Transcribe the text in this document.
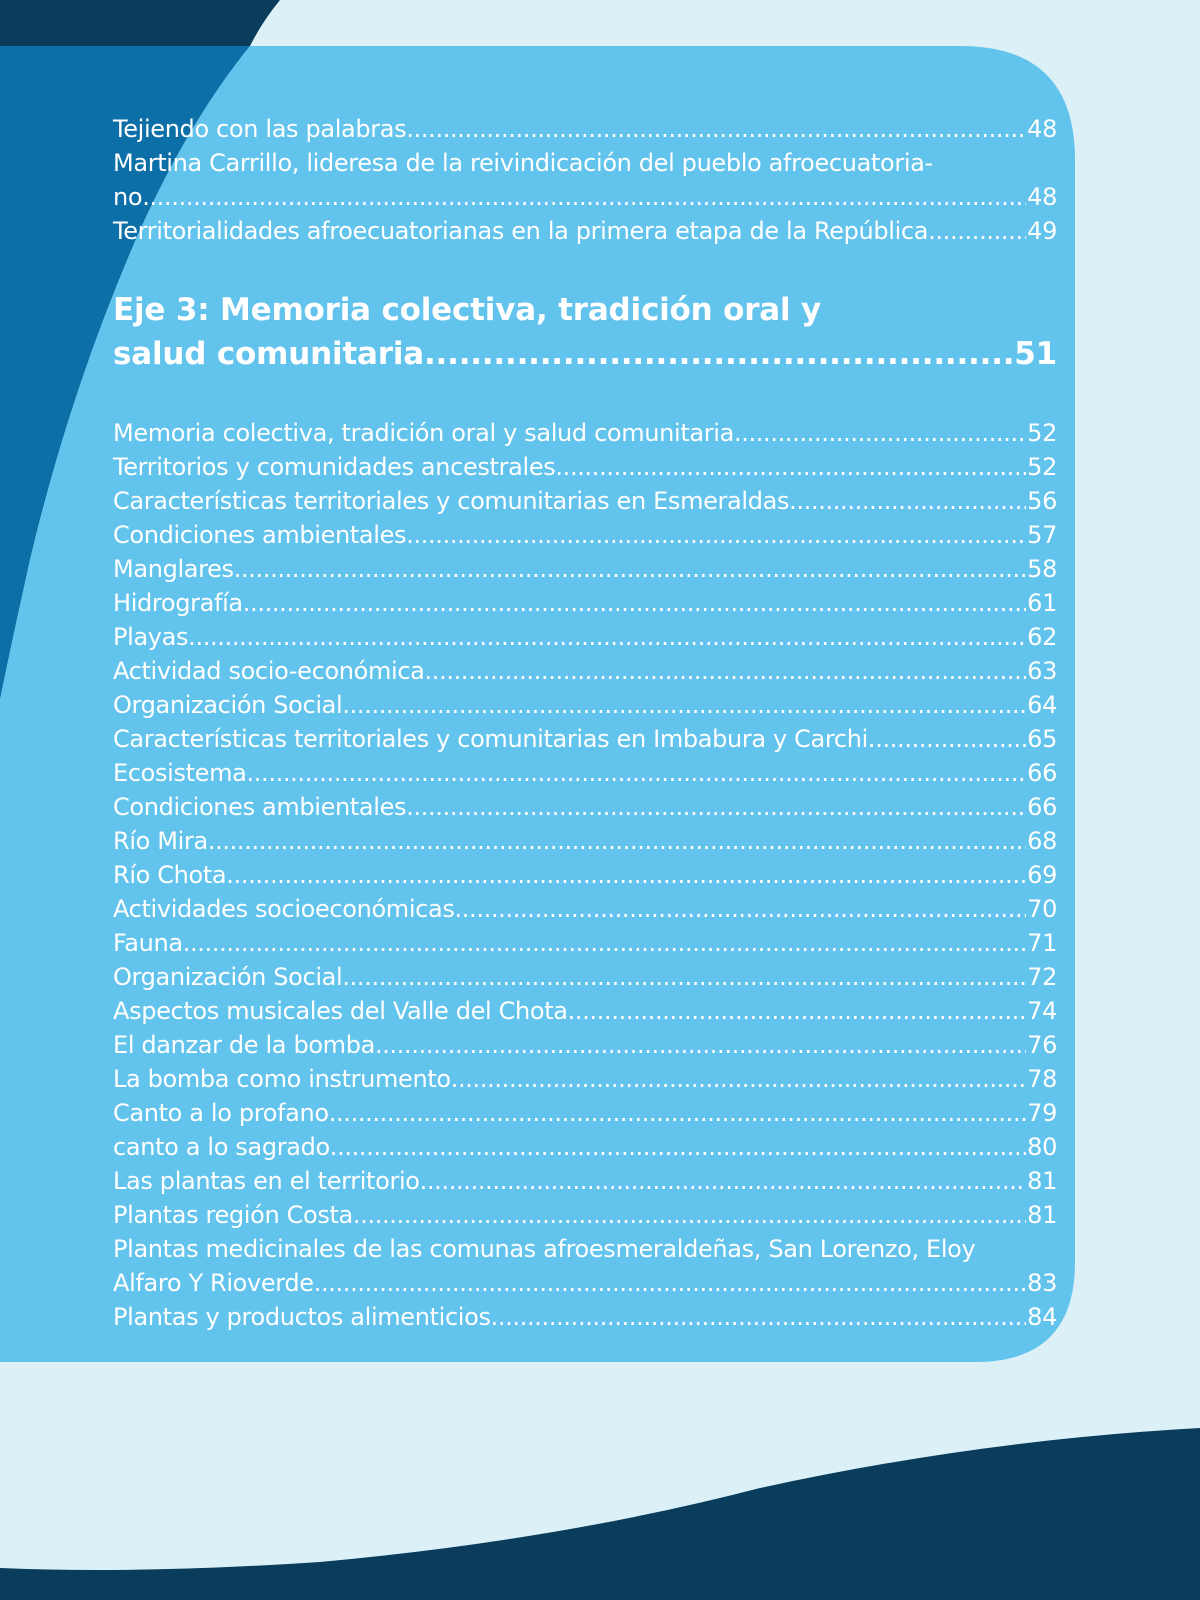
Tejiendo con las palabras .....	48
Martina Carrillo, lideresa de la reivindicación del pueblo afroecuatoria-
no .....	48
Territorialidades afroecuatorianas en la primera etapa de la República .....	49
Eje 3: Memoria colectiva, tradición oral y
salud comunitaria .....	51
Memoria colectiva, tradición oral y salud comunitaria .....	52
Territorios y comunidades ancestrales .....	52
Características territoriales y comunitarias en Esmeraldas .....	56
Condiciones ambientales .....	57
Manglares .....	58
Hidrografía .....	61
Playas .....	62
Actividad socio-económica .....	63
Organización Social .....	64
Características territoriales y comunitarias en Imbabura y Carchi .....	65
Ecosistema .....	66
Condiciones ambientales .....	66
Río Mira .....	68
Río Chota .....	69
Actividades socioeconómicas .....	70
Fauna .....	71
Organización Social .....	72
Aspectos musicales del Valle del Chota .....	74
El danzar de la bomba .....	76
La bomba como instrumento .....	78
Canto a lo profano .....	79
canto a lo sagrado .....	80
Las plantas en el territorio .....	81
Plantas región Costa .....	81
Plantas medicinales de las comunas afroesmeraldeñas, San Lorenzo, Eloy
Alfaro Y Rioverde .....	83
Plantas y productos alimenticios .....	84
